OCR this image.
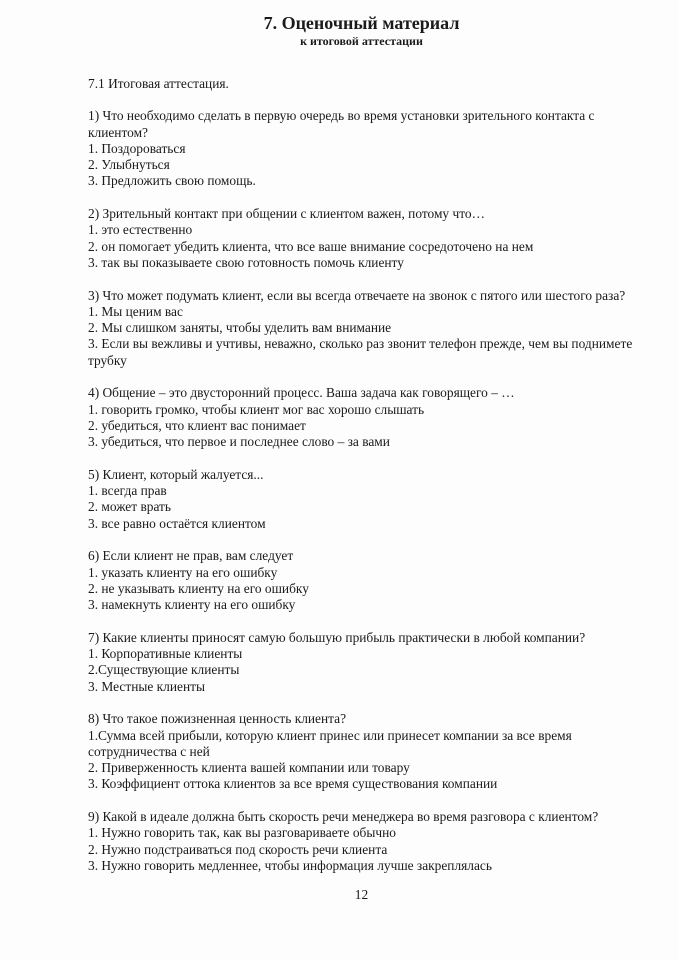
7. Оценочный материал
к итоговой аттестации
7.1 Итоговая аттестация.
1) Что необходимо сделать в первую очередь во время установки зрительного контакта с клиентом?
1. Поздороваться
2. Улыбнуться
3. Предложить свою помощь.
2) Зрительный контакт при общении с клиентом важен, потому что…
1. это естественно
2. он помогает убедить клиента, что все ваше внимание сосредоточено на нем
3. так вы показываете свою готовность помочь клиенту
3) Что может подумать клиент, если вы всегда отвечаете на звонок с пятого или шестого раза?
1. Мы ценим вас
2. Мы слишком заняты, чтобы уделить вам внимание
3. Если вы вежливы и учтивы, неважно, сколько раз звонит телефон прежде, чем вы поднимете трубку
4) Общение – это двусторонний процесс. Ваша задача как говорящего – …
1. говорить громко, чтобы клиент мог вас хорошо слышать
2. убедиться, что клиент вас понимает
3. убедиться, что первое и последнее слово – за вами
5) Клиент, который жалуется...
1. всегда прав
2. может врать
3. все равно остаётся клиентом
6) Если клиент не прав, вам следует
1. указать клиенту на его ошибку
2. не указывать клиенту на его ошибку
3. намекнуть клиенту на его ошибку
7) Какие клиенты приносят самую большую прибыль практически в любой компании?
1. Корпоративные клиенты
2.Существующие клиенты
3. Местные клиенты
8) Что такое пожизненная ценность клиента?
1.Сумма всей прибыли, которую клиент принес или принесет компании за все время сотрудничества с ней
2. Приверженность клиента вашей компании или товару
3. Коэффициент оттока клиентов за все время существования компании
9) Какой в идеале должна быть скорость речи менеджера во время разговора с клиентом?
1. Нужно говорить так, как вы разговариваете обычно
2. Нужно подстраиваться под скорость речи клиента
3. Нужно говорить медленнее, чтобы информация лучше закреплялась
12
